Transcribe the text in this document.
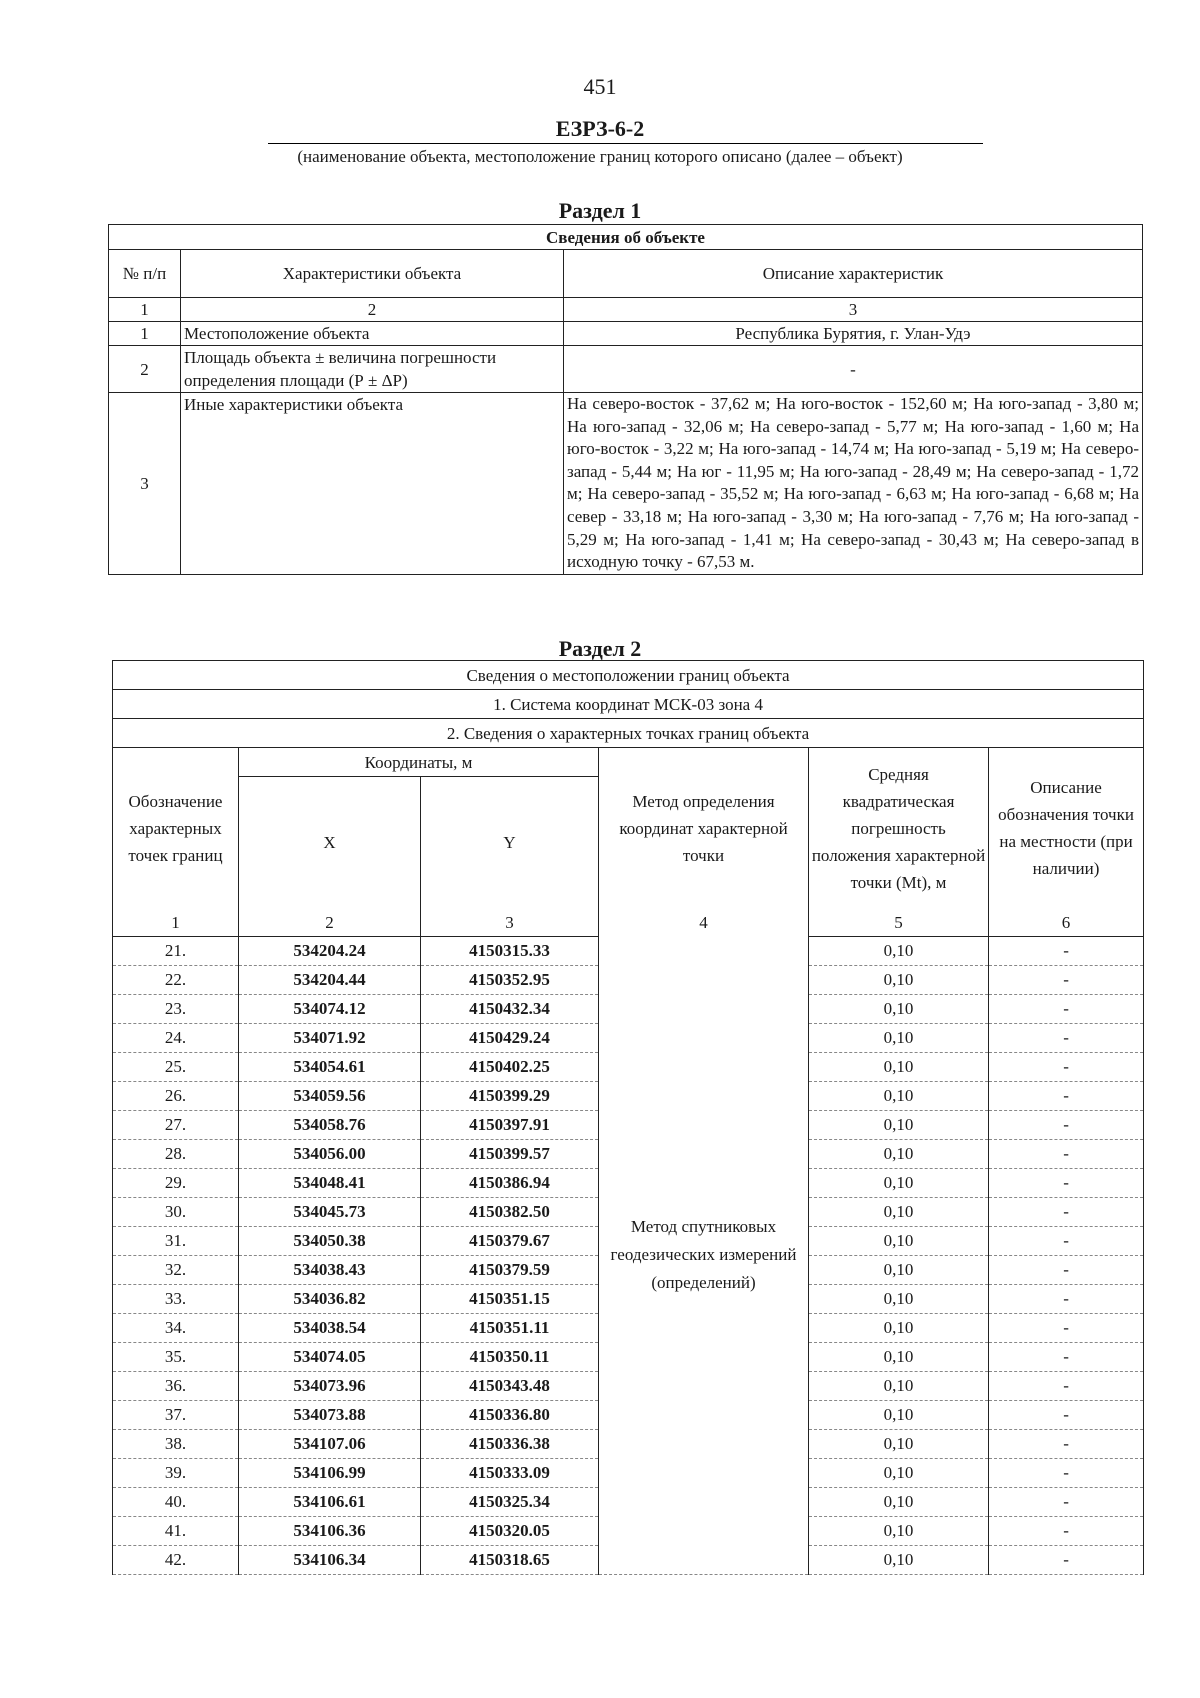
451
ЕЗРЗ-6-2
(наименование объекта, местоположение границ которого описано (далее – объект)
Раздел 1
Сведения об объекте		
№ п/п	Характеристики объекта	Описание характеристик
1	2	3
1	Местоположение объекта	Республика Бурятия, г. Улан-Удэ
2	Площадь объекта ± величина погрешности определения площади (Р ± ΔР)	-
3	Иные характеристики объекта	На северо-восток - 37,62 м; На юго-восток - 152,60 м; На юго-запад - 3,80 м; На юго-запад - 32,06 м; На северо-запад - 5,77 м; На юго-запад - 1,60 м; На юго-восток - 3,22 м; На юго-запад - 14,74 м; На юго-запад - 5,19 м; На северо-запад - 5,44 м; На юг - 11,95 м; На юго-запад - 28,49 м; На северо-запад - 1,72 м; На северо-запад - 35,52 м; На юго-запад - 6,63 м; На юго-запад - 6,68 м; На север - 33,18 м; На юго-запад - 3,30 м; На юго-запад - 7,76 м; На юго-запад - 5,29 м; На юго-запад - 1,41 м; На северо-запад - 30,43 м; На северо-запад в исходную точку - 67,53 м.
Раздел 2
Сведения о местоположении границ объекта					
1. Система координат МСК-03 зона 4					
2. Сведения о характерных точках границ объекта					
Обозначение характерных точек границ	Координаты, м		Метод определения координат характерной точки	Средняя квадратическая погрешность положения характерной точки (Mt), м	Описание обозначения точки на местности (при наличии)
	X	Y			
1	2	3	4	5	6
21.	534204.24	4150315.33	Метод спутниковых геодезических измерений (определений)	0,10	-
22.	534204.44	4150352.95		0,10	-
23.	534074.12	4150432.34		0,10	-
24.	534071.92	4150429.24		0,10	-
25.	534054.61	4150402.25		0,10	-
26.	534059.56	4150399.29		0,10	-
27.	534058.76	4150397.91		0,10	-
28.	534056.00	4150399.57		0,10	-
29.	534048.41	4150386.94		0,10	-
30.	534045.73	4150382.50		0,10	-
31.	534050.38	4150379.67		0,10	-
32.	534038.43	4150379.59		0,10	-
33.	534036.82	4150351.15		0,10	-
34.	534038.54	4150351.11		0,10	-
35.	534074.05	4150350.11		0,10	-
36.	534073.96	4150343.48		0,10	-
37.	534073.88	4150336.80		0,10	-
38.	534107.06	4150336.38		0,10	-
39.	534106.99	4150333.09		0,10	-
40.	534106.61	4150325.34		0,10	-
41.	534106.36	4150320.05		0,10	-
42.	534106.34	4150318.65		0,10	-
